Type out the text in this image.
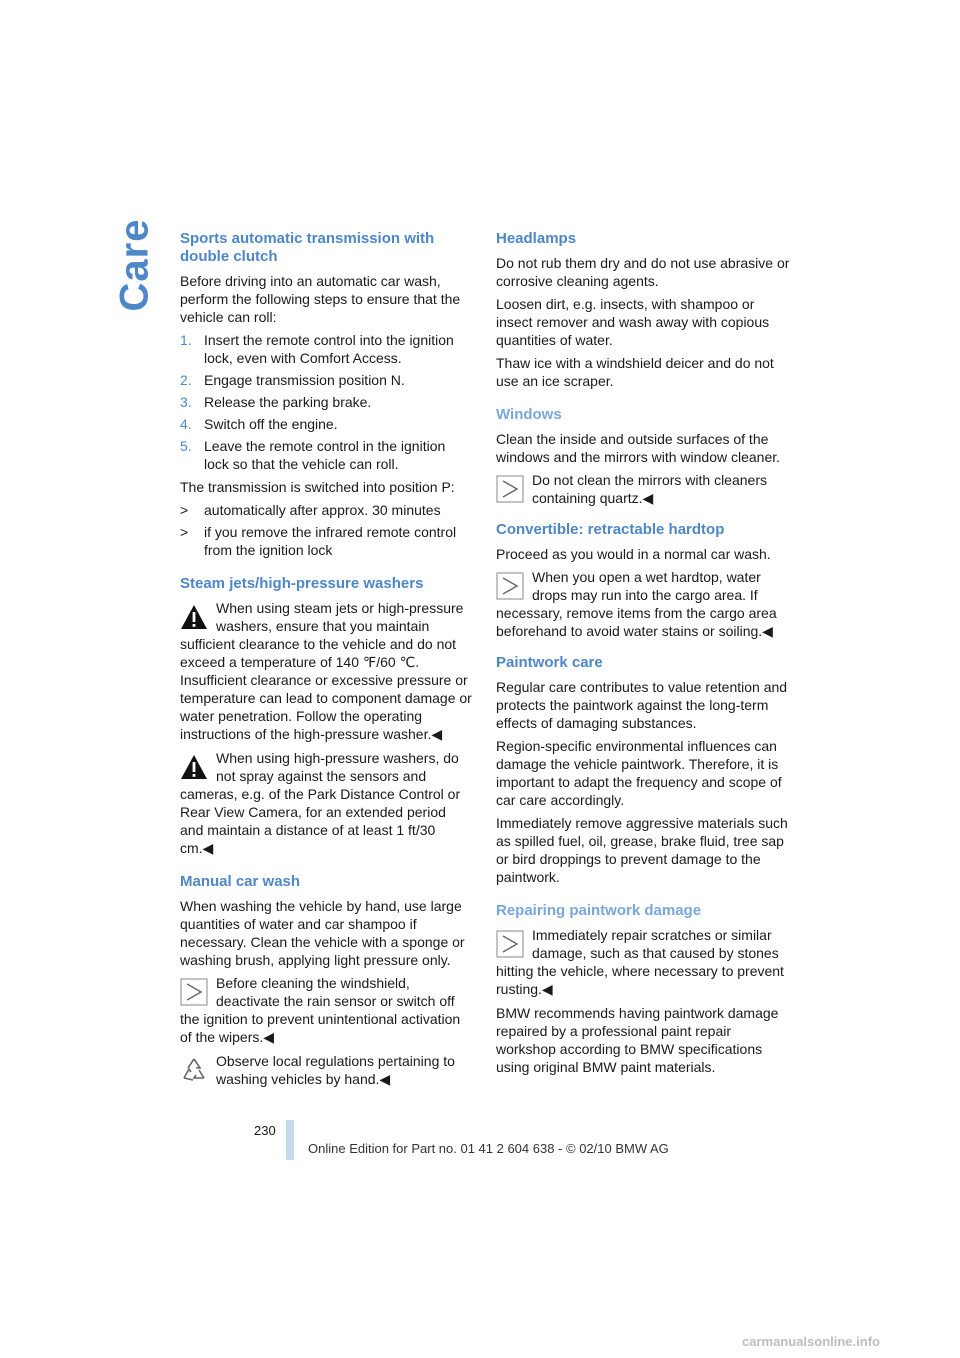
Care Sports automatic transmission with double clutch

Before driving into an automatic car wash, perform the following steps to ensure that the vehicle can roll:

1. Insert the remote control into the ignition lock, even with Comfort Access.
2. Engage transmission position N.
3. Release the parking brake.
4. Switch off the engine.
5. Leave the remote control in the ignition lock so that the vehicle can roll.

The transmission is switched into position P:

>	automatically after approx. 30 minutes
>	if you remove the infrared remote control from the ignition lock
Steam jets/high-pressure washers
When using steam jets or high-pressure washers, ensure that you maintain sufficient clearance to the vehicle and do not exceed a temperature of 140 ℉/60 ℃.
Insufficient clearance or excessive pressure or temperature can lead to component damage or water penetration. Follow the operating instructions of the high-pressure washer.◀
When using high-pressure washers, do not spray against the sensors and cameras, e.g. of the Park Distance Control or Rear View Camera, for an extended period and maintain a distance of at least 1 ft/30 cm.◀
Manual car wash

When washing the vehicle by hand, use large quantities of water and car shampoo if necessary. Clean the vehicle with a sponge or washing brush, applying light pressure only.

Before cleaning the windshield, deactivate the rain sensor or switch off the ignition to prevent unintentional activation of the wipers.◀
Observe local regulations pertaining to washing vehicles by hand.◀
Headlamps

Do not rub them dry and do not use abrasive or corrosive cleaning agents.

Loosen dirt, e.g. insects, with shampoo or insect remover and wash away with copious quantities of water.

Thaw ice with a windshield deicer and do not use an ice scraper.

Windows

Clean the inside and outside surfaces of the windows and the mirrors with window cleaner.

Do not clean the mirrors with cleaners containing quartz.◀
Convertible: retractable hardtop

Proceed as you would in a normal car wash.

When you open a wet hardtop, water drops may run into the cargo area. If necessary, remove items from the cargo area beforehand to avoid water stains or soiling.◀
Paintwork care

Regular care contributes to value retention and protects the paintwork against the long-term effects of damaging substances.

Region-specific environmental influences can damage the vehicle paintwork. Therefore, it is important to adapt the frequency and scope of car care accordingly.

Immediately remove aggressive materials such as spilled fuel, oil, grease, brake fluid, tree sap or bird droppings to prevent damage to the paintwork.

Repairing paintwork damage
Immediately repair scratches or similar damage, such as that caused by stones hitting the vehicle, where necessary to prevent rusting.◀

BMW recommends having paintwork damage repaired by a professional paint repair workshop according to BMW specifications using original BMW paint materials.

230
Online Edition for Part no. 01 41 2 604 638 - © 02/10 BMW AG
carmanualsonline.info
